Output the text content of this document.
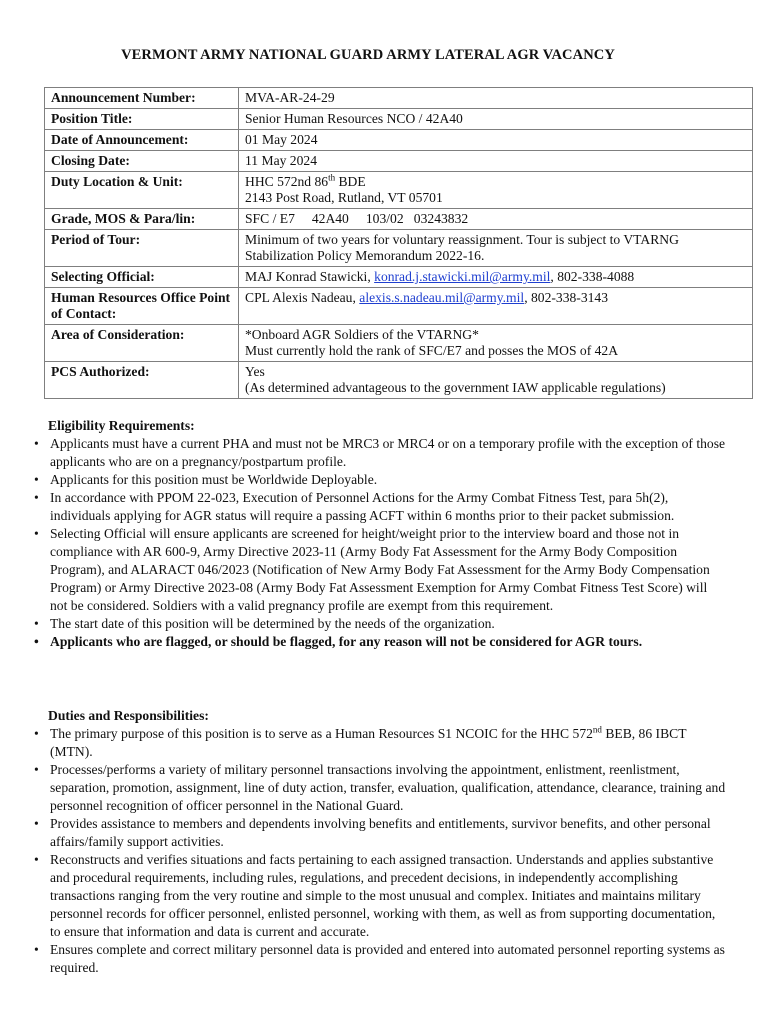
VERMONT ARMY NATIONAL GUARD ARMY LATERAL AGR VACANCY
Announcement Number:	MVA-AR-24-29
Position Title:	Senior Human Resources NCO / 42A40
Date of Announcement:	01 May 2024
Closing Date:	11 May 2024
Duty Location & Unit:	HHC 572nd 86th BDE
2143 Post Road, Rutland, VT 05701

Grade, MOS & Para/lin:	SFC / E7     42A40     103/02   03243832
Period of Tour:	Minimum of two years for voluntary reassignment. Tour is subject to VTARNG Stabilization Policy Memorandum 2022-16.
Selecting Official:	MAJ Konrad Stawicki, konrad.j.stawicki.mil@army.mil, 802-338-4088
Human Resources Office Point of Contact:	CPL Alexis Nadeau, alexis.s.nadeau.mil@army.mil, 802-338-3143
Area of Consideration:	*Onboard AGR Soldiers of the VTARNG*
Must currently hold the rank of SFC/E7 and posses the MOS of 42A

PCS Authorized:	Yes
(As determined advantageous to the government IAW applicable regulations)
Eligibility Requirements:
• Applicants must have a current PHA and must not be MRC3 or MRC4 or on a temporary profile with the exception of those applicants who are on a pregnancy/postpartum profile.
• Applicants for this position must be Worldwide Deployable.
• In accordance with PPOM 22-023, Execution of Personnel Actions for the Army Combat Fitness Test, para 5h(2), individuals applying for AGR status will require a passing ACFT within 6 months prior to their packet submission.
• Selecting Official will ensure applicants are screened for height/weight prior to the interview board and those not in compliance with AR 600-9, Army Directive 2023-11 (Army Body Fat Assessment for the Army Body Composition Program), and ALARACT 046/2023 (Notification of New Army Body Fat Assessment for the Army Body Compensation Program) or Army Directive 2023-08 (Army Body Fat Assessment Exemption for Army Combat Fitness Test Score) will not be considered. Soldiers with a valid pregnancy profile are exempt from this requirement.
• The start date of this position will be determined by the needs of the organization.
• Applicants who are flagged, or should be flagged, for any reason will not be considered for AGR tours.
Duties and Responsibilities:
• The primary purpose of this position is to serve as a Human Resources S1 NCOIC for the HHC 572nd BEB, 86 IBCT (MTN).
• Processes/performs a variety of military personnel transactions involving the appointment, enlistment, reenlistment, separation, promotion, assignment, line of duty action, transfer, evaluation, qualification, attendance, clearance, training and personnel recognition of officer personnel in the National Guard.
• Provides assistance to members and dependents involving benefits and entitlements, survivor benefits, and other personal affairs/family support activities.
• Reconstructs and verifies situations and facts pertaining to each assigned transaction. Understands and applies substantive and procedural requirements, including rules, regulations, and precedent decisions, in independently accomplishing transactions ranging from the very routine and simple to the most unusual and complex. Initiates and maintains military personnel records for officer personnel, enlisted personnel, working with them, as well as from supporting documentation, to ensure that information and data is current and accurate.
• Ensures complete and correct military personnel data is provided and entered into automated personnel reporting systems as required.
